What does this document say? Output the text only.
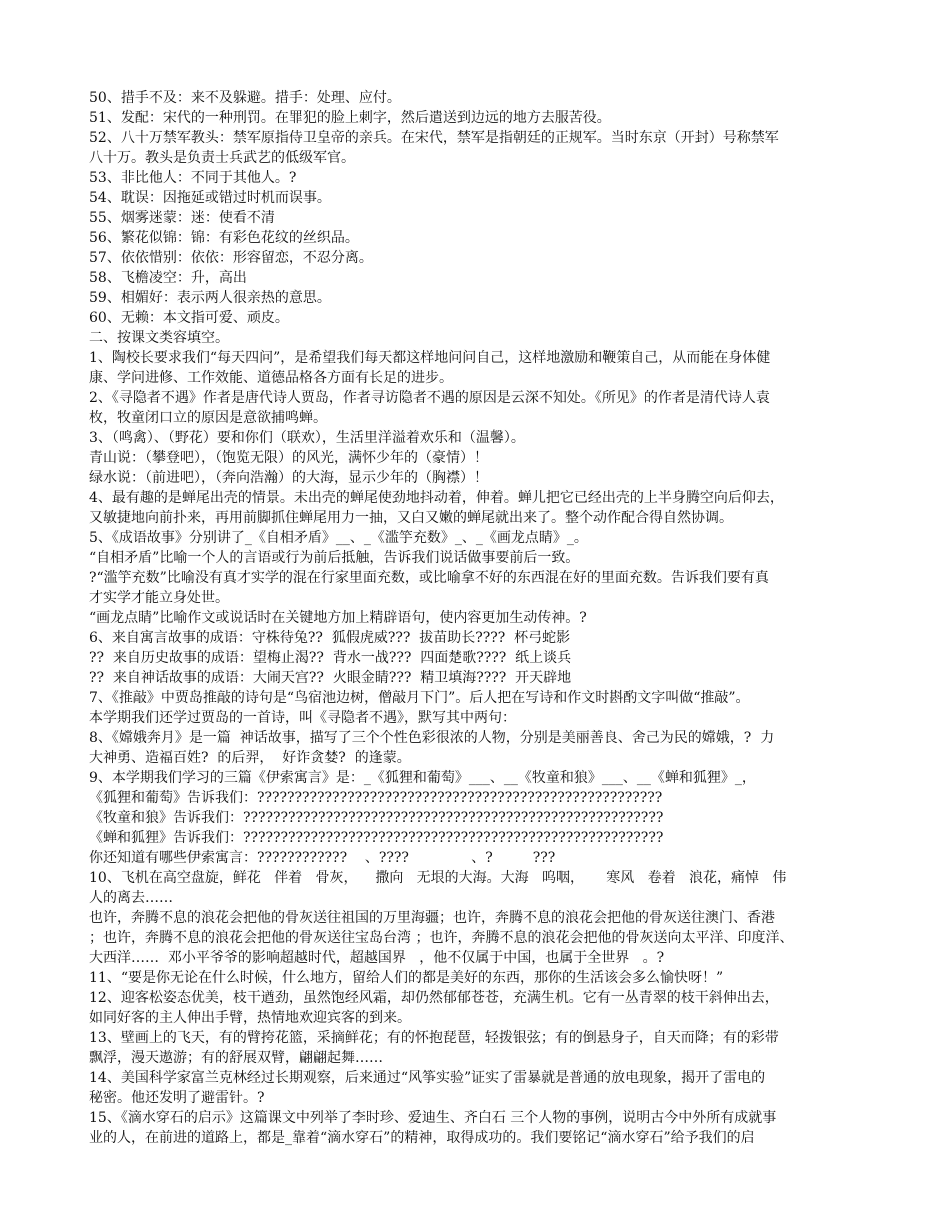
50、措手不及：来不及躲避。措手：处理、应付。
51、发配：宋代的一种刑罚。在罪犯的脸上刺字，然后遣送到边远的地方去服苦役。
52、八十万禁军教头：禁军原指侍卫皇帝的亲兵。在宋代，禁军是指朝廷的正规军。当时东京（开封）号称禁军
八十万。教头是负责士兵武艺的低级军官。
53、非比他人：不同于其他人。?
54、耽误：因拖延或错过时机而误事。
55、烟雾迷蒙：迷：使看不清
56、繁花似锦：锦：有彩色花纹的丝织品。
57、依依惜别：依依：形容留恋，不忍分离。
58、飞檐凌空：升，高出
59、相媚好：表示两人很亲热的意思。
60、无赖：本文指可爱、顽皮。
二、按课文类容填空。
1、陶校长要求我们“每天四问”，是希望我们每天都这样地问问自己，这样地激励和鞭策自己，从而能在身体健
康、学问进修、工作效能、道德品格各方面有长足的进步。
2、《寻隐者不遇》作者是唐代诗人贾岛，作者寻访隐者不遇的原因是云深不知处。《所见》的作者是清代诗人袁
枚，牧童闭口立的原因是意欲捕鸣蝉。
3、（鸣禽）、（野花）要和你们（联欢），生活里洋溢着欢乐和（温馨）。
青山说：（攀登吧），（饱览无限）的风光，满怀少年的（豪情）！
绿水说：（前进吧），（奔向浩瀚）的大海，显示少年的（胸襟）！
4、最有趣的是蝉尾出壳的情景。未出壳的蝉尾使劲地抖动着，伸着。蝉儿把它已经出壳的上半身腾空向后仰去，
又敏捷地向前扑来，再用前脚抓住蝉尾用力一抽，又白又嫩的蝉尾就出来了。整个动作配合得自然协调。
5、《成语故事》分别讲了_《自相矛盾》__、_《滥竽充数》_、_《画龙点睛》_。
“自相矛盾”比喻一个人的言语或行为前后抵触，告诉我们说话做事要前后一致。
?“滥竽充数”比喻没有真才实学的混在行家里面充数，或比喻拿不好的东西混在好的里面充数。告诉我们要有真
才实学才能立身处世。
“画龙点睛”比喻作文或说话时在关键地方加上精辟语句，使内容更加生动传神。?
6、来自寓言故事的成语：守株待兔??  狐假虎威???  拔苗助长????  杯弓蛇影
??  来自历史故事的成语：望梅止渴??  背水一战???  四面楚歌????  纸上谈兵
??  来自神话故事的成语：大闹天宫??  火眼金睛???  精卫填海????  开天辟地
7、《推敲》中贾岛推敲的诗句是“鸟宿池边树，僧敲月下门”。后人把在写诗和作文时斟酌文字叫做“推敲”。
本学期我们还学过贾岛的一首诗，叫《寻隐者不遇》，默写其中两句：
8、《嫦娥奔月》是一篇  神话故事，描写了三个个性色彩很浓的人物，分别是美丽善良、舍己为民的嫦娥，?  力
大神勇、造福百姓?  的后羿，  好诈贪婪?  的逢蒙。
9、本学期我们学习的三篇《伊索寓言》是：_《狐狸和葡萄》___、__《牧童和狼》___、__《蝉和狐狸》_，
《狐狸和葡萄》告诉我们：??????????????????????????????????????????????????????
《牧童和狼》告诉我们：????????????????????????????????????????????????????????
《蝉和狐狸》告诉我们：????????????????????????????????????????????????????????
你还知道有哪些伊索寓言：????????????    、????              、?         ???
10、飞机在高空盘旋，鲜花   伴着   骨灰，    撒向   无垠的大海。大海   呜咽，     寒风   卷着   浪花，痛悼   伟
人的离去……
也许，奔腾不息的浪花会把他的骨灰送往祖国的万里海疆；也许，奔腾不息的浪花会把他的骨灰送往澳门、香港
；也许，奔腾不息的浪花会把他的骨灰送往宝岛台湾 ；也许，奔腾不息的浪花会把他的骨灰送向太平洋、印度洋、
大西洋……  邓小平爷爷的影响超越时代，超越国界   ，他不仅属于中国，也属于全世界   。?
11、“要是你无论在什么时候，什么地方，留给人们的都是美好的东西，那你的生活该会多么愉快呀！”
12、迎客松姿态优美，枝干遒劲，虽然饱经风霜，却仍然郁郁苍苍，充满生机。它有一丛青翠的枝干斜伸出去，
如同好客的主人伸出手臂，热情地欢迎宾客的到来。
13、壁画上的飞天，有的臂挎花篮，采摘鲜花；有的怀抱琵琶，轻拨银弦；有的倒悬身子，自天而降；有的彩带
飘浮，漫天遨游；有的舒展双臂，翩翩起舞……
14、美国科学家富兰克林经过长期观察，后来通过“风筝实验”证实了雷暴就是普通的放电现象，揭开了雷电的
秘密。他还发明了避雷针。?
15、《滴水穿石的启示》这篇课文中列举了李时珍、爱迪生、齐白石 三个人物的事例，说明古今中外所有成就事
业的人，在前进的道路上，都是_靠着“滴水穿石”的精神，取得成功的。我们要铭记“滴水穿石”给予我们的启
